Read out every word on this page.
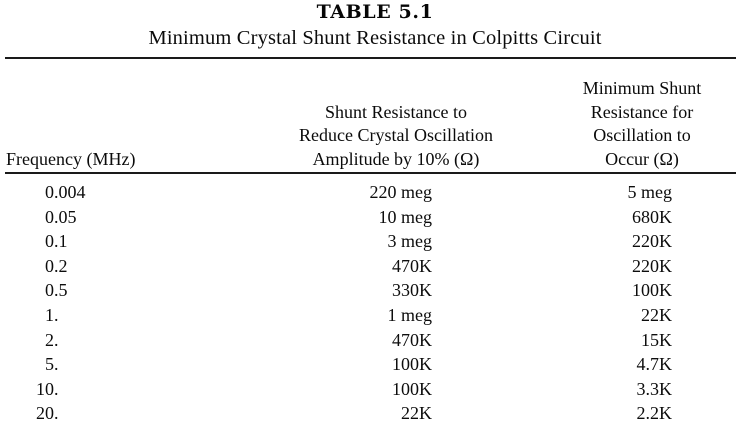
TABLE 5.1
Minimum Crystal Shunt Resistance in Colpitts Circuit
Frequency (MHz)
Shunt Resistance to
Reduce Crystal Oscillation
Amplitude by 10% (Ω)
Minimum Shunt
Resistance for
Oscillation to
Occur (Ω)
0.004	220 meg	5 meg
0.05	10 meg	680K
0.1	3 meg	220K
0.2	470K	220K
0.5	330K	100K
1.	1 meg	22K
2.	470K	15K
5.	100K	4.7K
10.	100K	3.3K
20.	22K	2.2K
